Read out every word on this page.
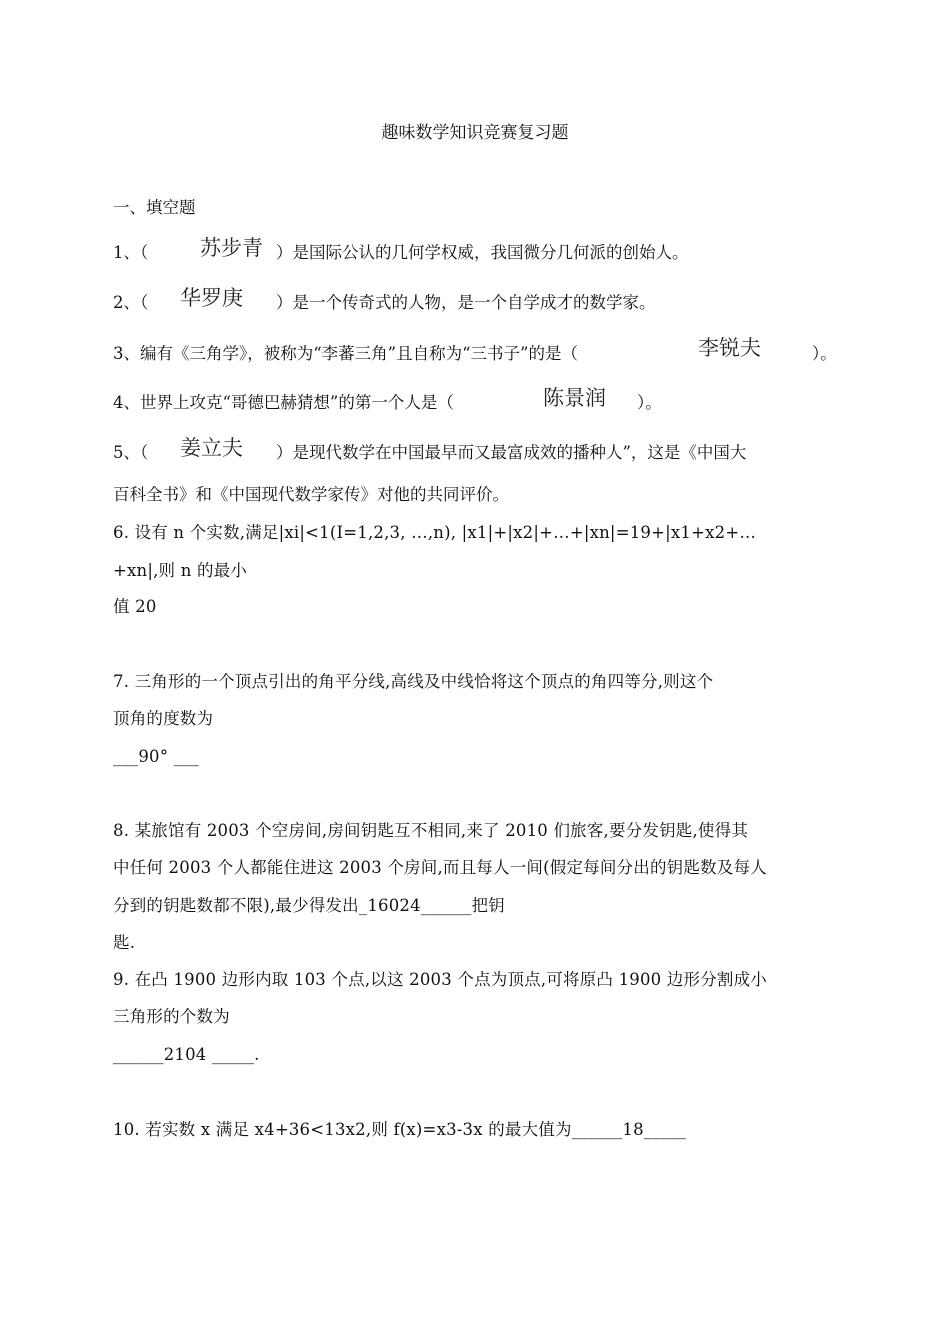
趣味数学知识竞赛复习题
一、填空题
1、（ 苏步青 ）是国际公认的几何学权威，我国微分几何派的创始人。
2、（ 华罗庚 ）是一个传奇式的人物，是一个自学成才的数学家。
3、编有《三角学》，被称为“李蕃三角”且自称为“三书子”的是（	李锐夫	）。
4、世界上攻克“哥德巴赫猜想”的第一个人是（	陈景润 ）。
5、（ 姜立夫 ）是现代数学在中国最早而又最富成效的播种人”，这是《中国大
百科全书》和《中国现代数学家传》对他的共同评价。
6. 设有 n 个实数,满足|xi|<1(I=1,2,3, …,n), |x1|+|x2|+…+|xn|=19+|x1+x2+…
+xn|,则 n 的最小
值 20
7. 三角形的一个顶点引出的角平分线,高线及中线恰将这个顶点的角四等分,则这个
顶角的度数为
___90° ___
8. 某旅馆有 2003 个空房间,房间钥匙互不相同,来了 2010 们旅客,要分发钥匙,使得其
中任何 2003 个人都能住进这 2003 个房间,而且每人一间(假定每间分出的钥匙数及每人
分到的钥匙数都不限),最少得发出_16024______把钥
匙.
9. 在凸 1900 边形内取 103 个点,以这 2003 个点为顶点,可将原凸 1900 边形分割成小
三角形的个数为
______2104 _____.
10. 若实数 x 满足 x4+36<13x2,则 f(x)=x3-3x 的最大值为______18_____
